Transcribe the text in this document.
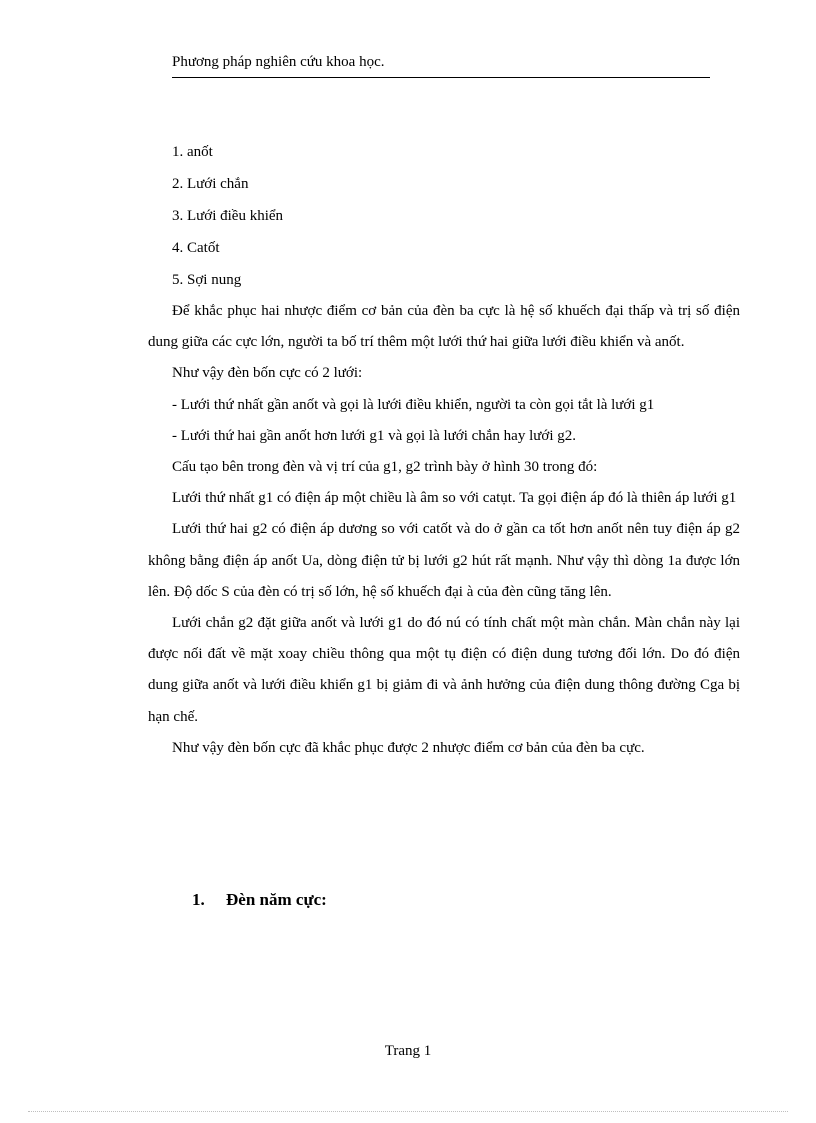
Phương pháp nghiên cứu khoa học.
1. anốt
2. Lưới chắn
3. Lưới điều khiển
4. Catốt
5. Sợi nung

Để khắc phục hai nhược điểm cơ bản của đèn ba cực là hệ số khuếch đại thấp và trị số điện dung giữa các cực lớn, người ta bố trí thêm một lưới thứ hai giữa lưới điều khiển và anốt.

Như vậy đèn bốn cực có 2 lưới:

- Lưới thứ nhất gần anốt và gọi là lưới điều khiển, người ta còn gọi tắt là lưới g1

- Lưới thứ hai gần anốt hơn lưới g1 và gọi là lưới chắn hay lưới g2.

Cấu tạo bên trong đèn và vị trí của g1, g2 trình bày ở hình 30 trong đó:

Lưới thứ nhất g1 có điện áp một chiều là âm so với catụt. Ta gọi điện áp đó là thiên áp lưới g1

Lưới thứ hai g2 có điện áp dương so với catốt và do ở gần ca tốt hơn anốt nên tuy điện áp g2 không bằng điện áp anốt Ua, dòng điện tử bị lưới g2 hút rất mạnh. Như vậy thì dòng 1a được lớn lên. Độ dốc S của đèn có trị số lớn, hệ số khuếch đại à của đèn cũng tăng lên.

Lưới chắn g2 đặt giữa anốt và lưới g1 do đó nú có tính chất một màn chắn. Màn chắn này lại được nối đất về mặt xoay chiều thông qua một tụ điện có điện dung tương đối lớn. Do đó điện dung giữa anốt và lưới điều khiển g1 bị giảm đi và ảnh hưởng của điện dung thông đường Cga bị hạn chế.

Như vậy đèn bốn cực đã khắc phục được 2 nhược điểm cơ bản của đèn ba cực.

1. Đèn năm cực:
Trang 1
